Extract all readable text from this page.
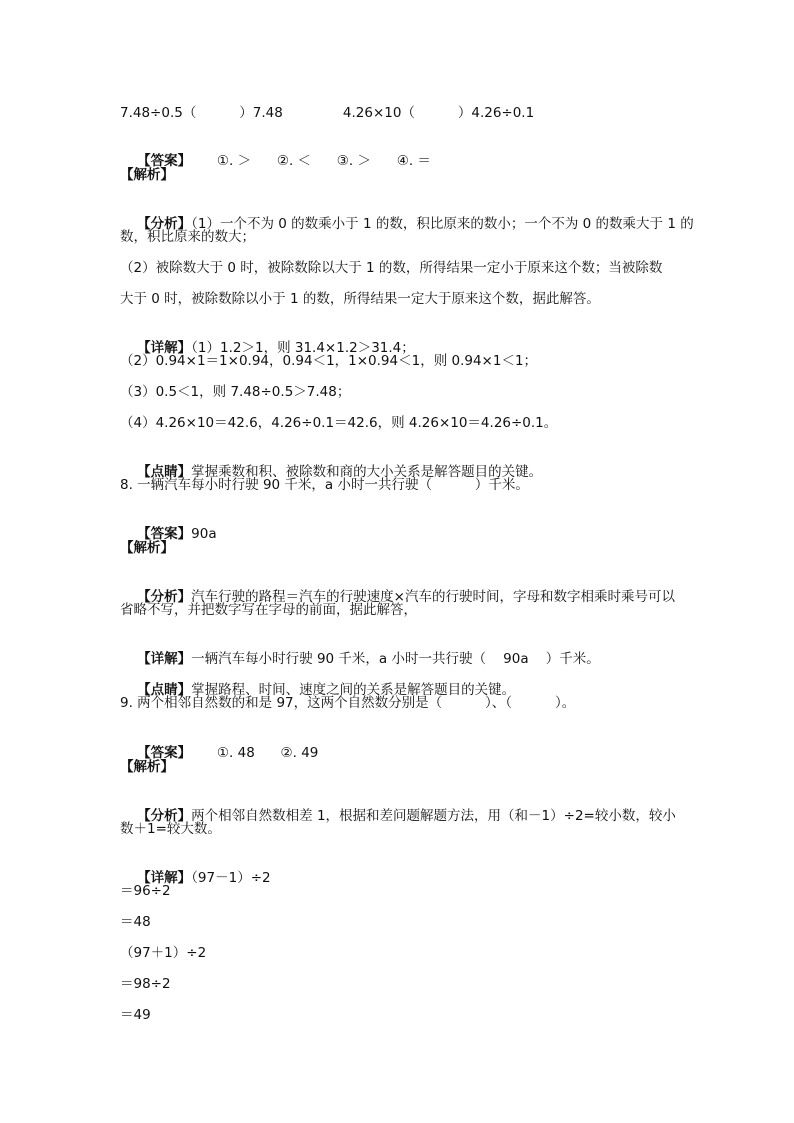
7.48÷0.5（          ）7.48              4.26×10（          ）4.26÷0.1

【答案】      ①. ＞      ②. ＜      ③. ＞      ④. ＝

【解析】

【分析】（1）一个不为 0 的数乘小于 1 的数，积比原来的数小；一个不为 0 的数乘大于 1 的

数，积比原来的数大；
（2）被除数大于 0 时，被除数除以大于 1 的数，所得结果一定小于原来这个数；当被除数
大于 0 时，被除数除以小于 1 的数，所得结果一定大于原来这个数，据此解答。

【详解】（1）1.2＞1，则 31.4×1.2＞31.4；

（2）0.94×1＝1×0.94，0.94＜1，1×0.94＜1，则 0.94×1＜1；
（3）0.5＜1，则 7.48÷0.5＞7.48；
（4）4.26×10＝42.6，4.26÷0.1＝42.6，则 4.26×10＝4.26÷0.1。

【点睛】掌握乘数和积、被除数和商的大小关系是解答题目的关键。

8. 一辆汽车每小时行驶 90 千米，a 小时一共行驶（          ）千米。

【答案】90a

【解析】

【分析】汽车行驶的路程＝汽车的行驶速度×汽车的行驶时间，字母和数字相乘时乘号可以

省略不写，并把数字写在字母的前面，据此解答，

【详解】一辆汽车每小时行驶 90 千米，a 小时一共行驶（    90a    ）千米。

【点睛】掌握路程、时间、速度之间的关系是解答题目的关键。

9. 两个相邻自然数的和是 97，这两个自然数分别是（          ）、（          ）。

【答案】      ①. 48      ②. 49

【解析】

【分析】两个相邻自然数相差 1，根据和差问题解题方法，用（和－1）÷2=较小数，较小

数＋1=较大数。

【详解】（97－1）÷2

＝96÷2
＝48
（97＋1）÷2
＝98÷2
＝49
